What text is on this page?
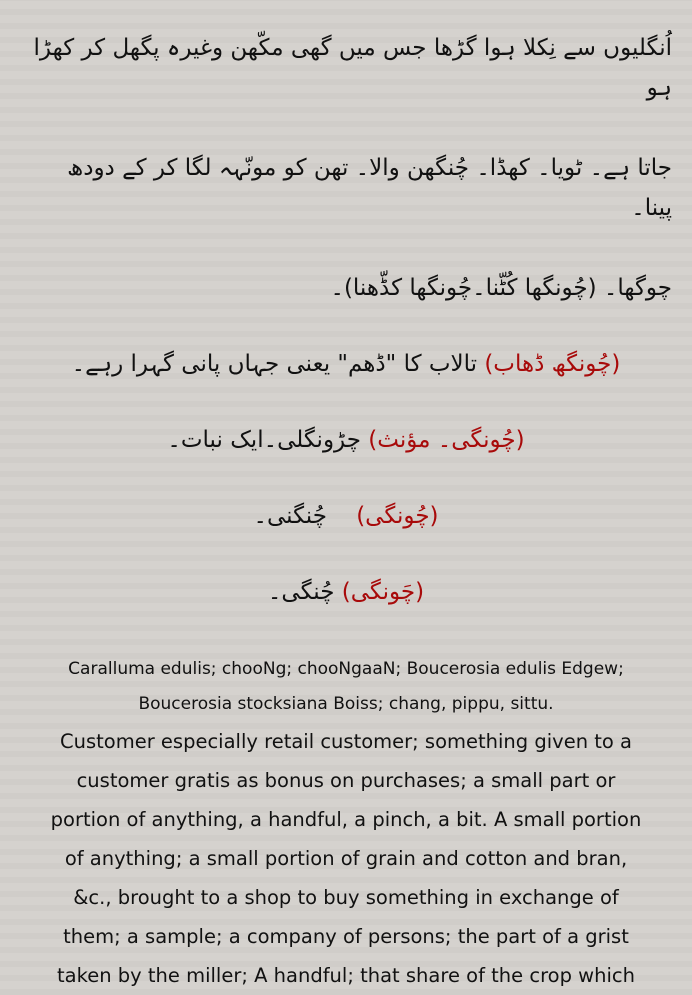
اُنگلیوں سے نِکلا ہوا گڑھا جس میں گھی مکّھن وغیرہ پگھل کر کھڑا ہو

جاتا ہے۔ ٹویا۔ کھڈا۔ چُنگھن والا۔ تھن کو مونّہہ لگا کر کے دودھ پینا۔

چوگھا۔ (چُونگھا کُٹّنا۔چُونگھا کڈّھنا)۔

(چُونگھ ڈھاب) تالاب کا "ڈھم" یعنی جہاں پانی گہرا رہے۔

(چُونگی۔ مؤنث) چڑونگلی۔ایک نبات۔

(چُونگی)    چُنگنی۔

(چَونگی) چُنگی۔

Caralluma edulis; chooNg; chooNgaaN; Boucerosia edulis Edgew;

Boucerosia stocksiana Boiss; chang, pippu, sittu.

Customer especially retail customer; something given to a

customer gratis as bonus on purchases; a small part or

portion of anything, a handful, a pinch, a bit. A small portion

of anything; a small portion of grain and cotton and bran,

&c., brought to a shop to buy something in exchange of

them; a sample; a company of persons; the part of a grist

taken by the miller; A handful; that share of the crop which
